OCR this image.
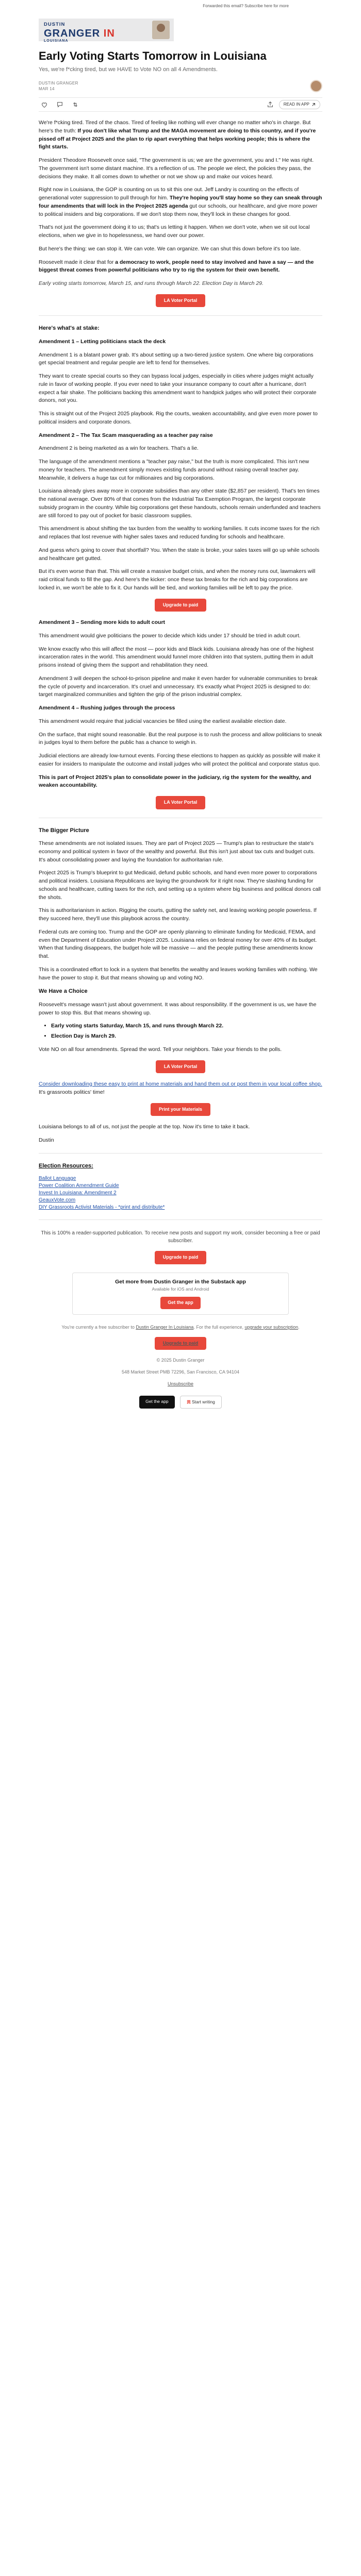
Forwarded this email? Subscribe here for more
DUSTIN
GRANGER IN
LOUISIANA
Early Voting Starts Tomorrow in Louisiana
Yes, we're f*cking tired, but we HAVE to Vote NO on all 4 Amendments.
DUSTIN GRANGER
MAR 14
READ IN APP

We're f*cking tired. Tired of the chaos. Tired of feeling like nothing will ever change no matter who's in charge. But here's the truth: If you don't like what Trump and the MAGA movement are doing to this country, and if you're pissed off at Project 2025 and the plan to rip apart everything that helps working people; this is where the fight starts.

President Theodore Roosevelt once said, "The government is us; we are the government, you and I." He was right. The government isn't some distant machine. It's a reflection of us. The people we elect, the policies they pass, the decisions they make. It all comes down to whether or not we show up and make our voices heard.

Right now in Louisiana, the GOP is counting on us to sit this one out. Jeff Landry is counting on the effects of generational voter suppression to pull through for him. They're hoping you'll stay home so they can sneak through four amendments that will lock in the Project 2025 agenda gut our schools, our healthcare, and give more power to political insiders and big corporations. If we don't stop them now, they'll lock in these changes for good.

That's not just the government doing it to us; that's us letting it happen. When we don't vote, when we sit out local elections, when we give in to hopelessness, we hand over our power.

But here's the thing: we can stop it. We can vote. We can organize. We can shut this down before it's too late.

Roosevelt made it clear that for a democracy to work, people need to stay involved and have a say — and the biggest threat comes from powerful politicians who try to rig the system for their own benefit.

Early voting starts tomorrow, March 15, and runs through March 22. Election Day is March 29.

LA Voter Portal

Here's what's at stake:

Amendment 1 – Letting politicians stack the deck

Amendment 1 is a blatant power grab. It's about setting up a two-tiered justice system. One where big corporations get special treatment and regular people are left to fend for themselves.

They want to create special courts so they can bypass local judges, especially in cities where judges might actually rule in favor of working people. If you ever need to take your insurance company to court after a hurricane, don't expect a fair shake. The politicians backing this amendment want to handpick judges who will protect their corporate donors, not you.

This is straight out of the Project 2025 playbook. Rig the courts, weaken accountability, and give even more power to political insiders and corporate donors.

Amendment 2 – The Tax Scam masquerading as a teacher pay raise

Amendment 2 is being marketed as a win for teachers. That's a lie.

The language of the amendment mentions a "teacher pay raise," but the truth is more complicated. This isn't new money for teachers. The amendment simply moves existing funds around without raising overall teacher pay. Meanwhile, it delivers a huge tax cut for millionaires and big corporations.

Louisiana already gives away more in corporate subsidies than any other state ($2,857 per resident). That's ten times the national average. Over 80% of that comes from the Industrial Tax Exemption Program, the largest corporate subsidy program in the country. While big corporations get these handouts, schools remain underfunded and teachers are still forced to pay out of pocket for basic classroom supplies.

This amendment is about shifting the tax burden from the wealthy to working families. It cuts income taxes for the rich and replaces that lost revenue with higher sales taxes and reduced funding for schools and healthcare.

And guess who's going to cover that shortfall? You. When the state is broke, your sales taxes will go up while schools and healthcare get gutted.

But it's even worse than that. This will create a massive budget crisis, and when the money runs out, lawmakers will raid critical funds to fill the gap. And here's the kicker: once these tax breaks for the rich and big corporations are locked in, we won't be able to fix it. Our hands will be tied, and working families will be left to pay the price.

Upgrade to paid

Amendment 3 – Sending more kids to adult court

This amendment would give politicians the power to decide which kids under 17 should be tried in adult court.

We know exactly who this will affect the most — poor kids and Black kids. Louisiana already has one of the highest incarceration rates in the world. This amendment would funnel more children into that system, putting them in adult prisons instead of giving them the support and rehabilitation they need.

Amendment 3 will deepen the school-to-prison pipeline and make it even harder for vulnerable communities to break the cycle of poverty and incarceration. It's cruel and unnecessary. It's exactly what Project 2025 is designed to do: target marginalized communities and tighten the grip of the prison industrial complex.

Amendment 4 – Rushing judges through the process

This amendment would require that judicial vacancies be filled using the earliest available election date.

On the surface, that might sound reasonable. But the real purpose is to rush the process and allow politicians to sneak in judges loyal to them before the public has a chance to weigh in.

Judicial elections are already low-turnout events. Forcing these elections to happen as quickly as possible will make it easier for insiders to manipulate the outcome and install judges who will protect the political and corporate status quo.

This is part of Project 2025's plan to consolidate power in the judiciary, rig the system for the wealthy, and weaken accountability.

LA Voter Portal

The Bigger Picture

These amendments are not isolated issues. They are part of Project 2025 — Trump's plan to restructure the state's economy and political system in favor of the wealthy and powerful. But this isn't just about tax cuts and budget cuts. It's about consolidating power and laying the foundation for authoritarian rule.

Project 2025 is Trump's blueprint to gut Medicaid, defund public schools, and hand even more power to corporations and political insiders. Louisiana Republicans are laying the groundwork for it right now. They're slashing funding for schools and healthcare, cutting taxes for the rich, and setting up a system where big business and political donors call the shots.

This is authoritarianism in action. Rigging the courts, gutting the safety net, and leaving working people powerless. If they succeed here, they'll use this playbook across the country.

Federal cuts are coming too. Trump and the GOP are openly planning to eliminate funding for Medicaid, FEMA, and even the Department of Education under Project 2025. Louisiana relies on federal money for over 40% of its budget. When that funding disappears, the budget hole will be massive — and the people putting these amendments know that.

This is a coordinated effort to lock in a system that benefits the wealthy and leaves working families with nothing. We have the power to stop it. But that means showing up and voting NO.

We Have a Choice

Roosevelt's message wasn't just about government. It was about responsibility. If the government is us, we have the power to stop this. But that means showing up.

• Early voting starts Saturday, March 15, and runs through March 22.
• Election Day is March 29.

Vote NO on all four amendments. Spread the word. Tell your neighbors. Take your friends to the polls.

LA Voter Portal

Consider downloading these easy to print at home materials and hand them out or post them in your local coffee shop. It's grassroots politics' time!

Print your Materials

Louisiana belongs to all of us, not just the people at the top. Now it's time to take it back.

Dustin

Election Resources:

Ballot Language
Power Coalition Amendment Guide
Invest In Louisiana: Amendment 2
GeauxVote.com
DIY Grassroots Activist Materials - *print and distribute*

This is 100% a reader-supported publication. To receive new posts and support my work, consider becoming a free or paid subscriber.

Upgrade to paid
Get more from Dustin Granger in the Substack app
Available for iOS and Android
Get the app

You're currently a free subscriber to Dustin Granger In Louisiana. For the full experience, upgrade your subscription.

Upgrade to paid

© 2025 Dustin Granger

548 Market Street PMB 72296, San Francisco, CA 94104

Unsubscribe

Get the app	Start writing
